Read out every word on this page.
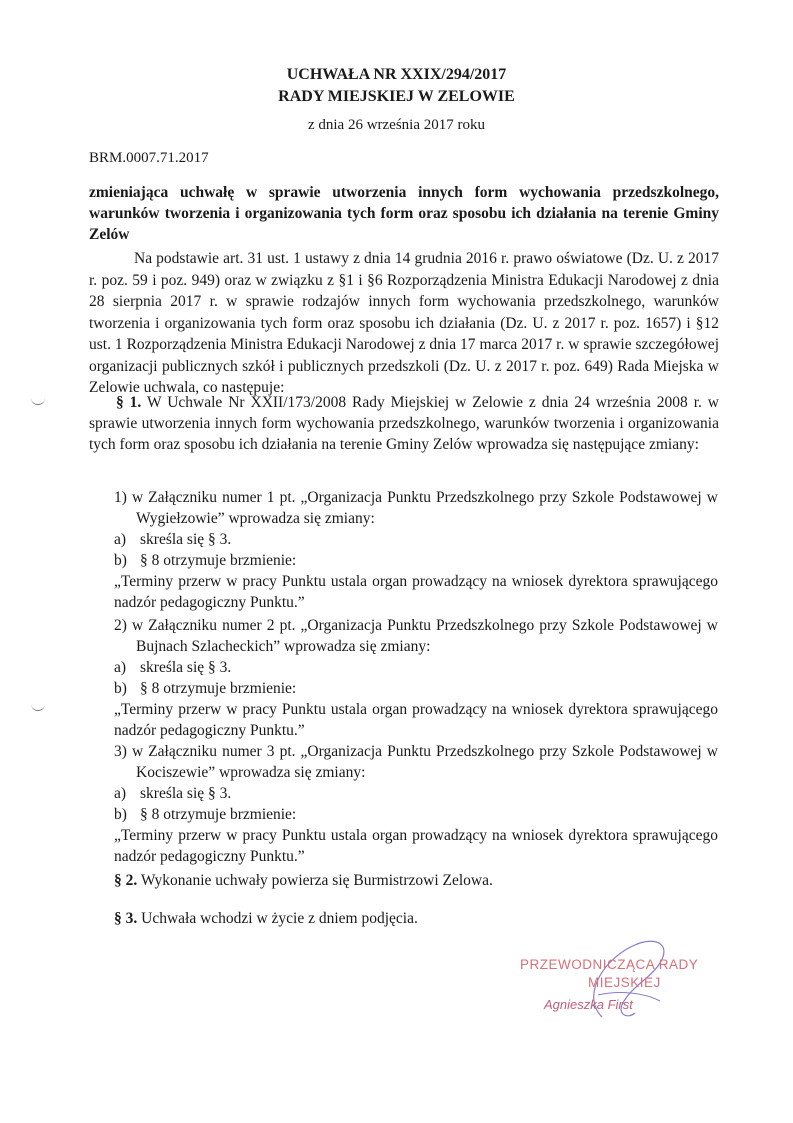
UCHWAŁA NR XXIX/294/2017
RADY MIEJSKIEJ W ZELOWIE
z dnia 26 września 2017 roku
BRM.0007.71.2017
zmieniająca uchwałę w sprawie utworzenia innych form wychowania przedszkolnego, warunków tworzenia i organizowania tych form oraz sposobu ich działania na terenie Gminy Zelów
Na podstawie art. 31 ust. 1 ustawy z dnia 14 grudnia 2016 r. prawo oświatowe (Dz. U. z 2017 r. poz. 59 i poz. 949) oraz w związku z §1 i §6 Rozporządzenia Ministra Edukacji Narodowej z dnia 28 sierpnia 2017 r. w sprawie rodzajów innych form wychowania przedszkolnego, warunków tworzenia i organizowania tych form oraz sposobu ich działania (Dz. U. z 2017 r. poz. 1657) i §12 ust. 1 Rozporządzenia Ministra Edukacji Narodowej z dnia 17 marca 2017 r. w sprawie szczegółowej organizacji publicznych szkół i publicznych przedszkoli (Dz. U. z 2017 r. poz. 649) Rada Miejska w Zelowie uchwala, co następuje:
§ 1. W Uchwale Nr XXII/173/2008 Rady Miejskiej w Zelowie z dnia 24 września 2008 r. w sprawie utworzenia innych form wychowania przedszkolnego, warunków tworzenia i organizowania tych form oraz sposobu ich działania na terenie Gminy Zelów wprowadza się następujące zmiany:
1) w Załączniku numer 1 pt. „Organizacja Punktu Przedszkolnego przy Szkole Podstawowej w Wygiełzowie” wprowadza się zmiany:
a) skreśla się § 3.
b) § 8 otrzymuje brzmienie:
„Terminy przerw w pracy Punktu ustala organ prowadzący na wniosek dyrektora sprawującego nadzór pedagogiczny Punktu.”
2) w Załączniku numer 2 pt. „Organizacja Punktu Przedszkolnego przy Szkole Podstawowej w Bujnach Szlacheckich” wprowadza się zmiany:
a) skreśla się § 3.
b) § 8 otrzymuje brzmienie:
„Terminy przerw w pracy Punktu ustala organ prowadzący na wniosek dyrektora sprawującego nadzór pedagogiczny Punktu.”
3) w Załączniku numer 3 pt. „Organizacja Punktu Przedszkolnego przy Szkole Podstawowej w Kociszewie” wprowadza się zmiany:
a) skreśla się § 3.
b) § 8 otrzymuje brzmienie:
„Terminy przerw w pracy Punktu ustala organ prowadzący na wniosek dyrektora sprawującego nadzór pedagogiczny Punktu.”
§ 2. Wykonanie uchwały powierza się Burmistrzowi Zelowa.
§ 3. Uchwała wchodzi w życie z dniem podjęcia.
PRZEWODNICZĄCA RADY
MIEJSKIEJ
Agnieszka First
